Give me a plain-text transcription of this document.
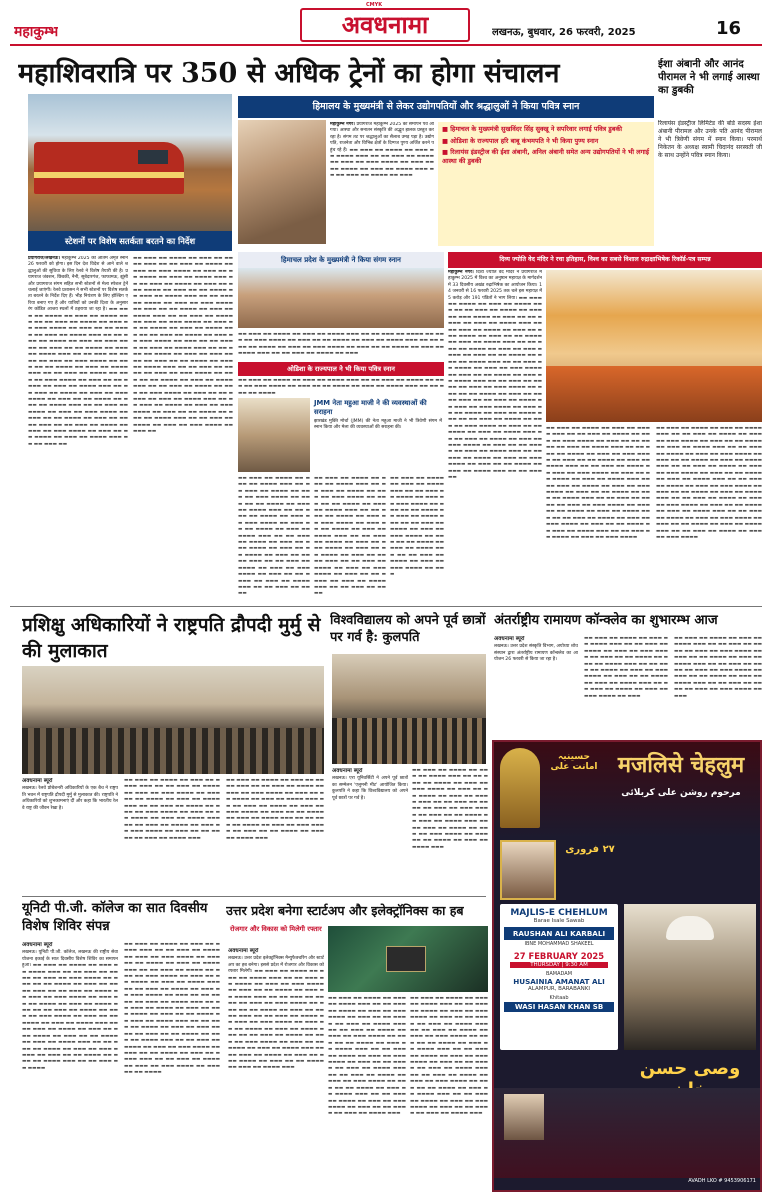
CMYK
महाकुम्भ	अवधनामा	लखनऊ, बुधवार, 26 फरवरी, 2025	16
महाशिवरात्रि पर 350 से अधिक ट्रेनों का होगा संचालन
स्टेशनों पर विशेष सतर्कता बरतने का निर्देश
प्रयागराज/लखनऊ। महाकुम्भ 2025 का अंतिम अमृत स्नान 26 फरवरी को होगा। इस दिन देश विदेश से आने वाले श्रद्धालुओं की सुविधा के लिए रेलवे ने विशेष तैयारी की है। प्रयागराज जंक्शन, छिवकी, नैनी, सूबेदारगंज, फाफामऊ, झूंसी और प्रयागराज संगम सहित सभी स्टेशनों से मेला स्पेशल ट्रेनें चलाई जाएंगी। रेलवे प्रशासन ने सभी स्टेशनों पर विशेष सतर्कता बरतने के निर्देश दिए हैं। भीड़ नियंत्रण के लिए होल्डिंग एरिया बनाए गए हैं और यात्रियों को उनकी दिशा के अनुसार रंग कोडित आश्रय स्थलों में ठहराया जा रहा है। ▬▬ ▬▬▬ ▬▬ ▬▬▬▬ ▬▬ ▬▬▬ ▬▬ ▬▬▬▬ ▬▬▬ ▬▬ ▬▬ ▬▬▬ ▬▬ ▬▬▬▬ ▬▬ ▬▬▬ ▬▬ ▬▬▬ ▬▬▬▬ ▬▬ ▬▬▬ ▬▬ ▬▬ ▬▬▬▬ ▬▬ ▬▬▬ ▬▬ ▬▬▬▬ ▬▬▬ ▬▬ ▬▬ ▬▬▬ ▬▬ ▬▬▬▬ ▬▬ ▬▬▬ ▬▬ ▬▬▬ ▬▬▬▬ ▬▬ ▬▬▬ ▬▬ ▬▬ ▬▬▬▬ ▬▬ ▬▬▬ ▬▬ ▬▬▬▬ ▬▬▬ ▬▬ ▬▬ ▬▬▬ ▬▬ ▬▬▬▬ ▬▬ ▬▬▬ ▬▬ ▬▬▬ ▬▬▬▬ ▬▬ ▬▬▬ ▬▬ ▬▬ ▬▬▬▬ ▬▬ ▬▬▬ ▬▬ ▬▬▬▬ ▬▬▬ ▬▬ ▬▬ ▬▬▬ ▬▬ ▬▬▬▬ ▬▬ ▬▬▬ ▬▬ ▬▬▬ ▬▬▬▬ ▬▬ ▬▬▬ ▬▬ ▬▬ ▬▬▬▬ ▬▬ ▬▬▬ ▬▬ ▬▬▬▬ ▬▬▬ ▬▬ ▬▬ ▬▬▬ ▬▬ ▬▬▬▬ ▬▬ ▬▬▬ ▬▬ ▬▬▬ ▬▬▬▬ ▬▬ ▬▬▬ ▬▬ ▬▬ ▬▬▬▬ ▬▬ ▬▬▬ ▬▬ ▬▬▬▬ ▬▬▬ ▬▬ ▬▬ ▬▬▬ ▬▬ ▬▬▬▬ ▬▬ ▬▬▬ ▬▬ ▬▬▬ ▬▬▬▬ ▬▬ ▬▬▬ ▬▬ ▬▬ ▬▬▬▬ ▬▬ ▬▬▬ ▬▬ ▬▬▬▬ ▬▬▬ ▬▬ ▬▬ ▬▬▬ ▬▬ ▬▬▬▬ ▬▬ ▬▬▬ ▬▬ ▬▬▬ ▬▬▬▬ ▬▬ ▬▬▬ ▬▬ ▬▬ ▬▬▬▬ ▬▬ ▬▬▬ ▬▬ ▬▬▬▬ ▬▬▬ ▬▬ ▬▬ ▬▬▬ ▬▬
▬▬ ▬▬▬ ▬▬ ▬▬▬▬ ▬▬ ▬▬▬ ▬▬ ▬▬▬▬ ▬▬▬ ▬▬ ▬▬ ▬▬▬ ▬▬ ▬▬▬▬ ▬▬ ▬▬▬ ▬▬ ▬▬▬ ▬▬▬▬ ▬▬ ▬▬▬ ▬▬ ▬▬ ▬▬▬▬ ▬▬ ▬▬▬ ▬▬ ▬▬▬▬ ▬▬▬ ▬▬ ▬▬ ▬▬▬ ▬▬ ▬▬▬▬ ▬▬ ▬▬▬ ▬▬ ▬▬▬ ▬▬▬▬ ▬▬ ▬▬▬ ▬▬ ▬▬ ▬▬▬▬ ▬▬ ▬▬▬ ▬▬ ▬▬▬▬ ▬▬▬ ▬▬ ▬▬ ▬▬▬ ▬▬ ▬▬▬▬ ▬▬ ▬▬▬ ▬▬ ▬▬▬ ▬▬▬▬ ▬▬ ▬▬▬ ▬▬ ▬▬ ▬▬▬▬ ▬▬ ▬▬▬ ▬▬ ▬▬▬▬ ▬▬▬ ▬▬ ▬▬ ▬▬▬ ▬▬ ▬▬▬▬ ▬▬ ▬▬▬ ▬▬ ▬▬▬ ▬▬▬▬ ▬▬ ▬▬▬ ▬▬ ▬▬ ▬▬▬▬ ▬▬ ▬▬▬ ▬▬ ▬▬▬▬ ▬▬▬ ▬▬ ▬▬ ▬▬▬ ▬▬ ▬▬▬▬ ▬▬ ▬▬▬ ▬▬ ▬▬▬ ▬▬▬▬ ▬▬ ▬▬▬ ▬▬ ▬▬ ▬▬▬▬ ▬▬ ▬▬▬ ▬▬ ▬▬▬▬ ▬▬▬ ▬▬ ▬▬ ▬▬▬ ▬▬ ▬▬▬▬ ▬▬ ▬▬▬ ▬▬ ▬▬▬ ▬▬▬▬ ▬▬ ▬▬▬ ▬▬ ▬▬ ▬▬▬▬ ▬▬ ▬▬▬ ▬▬ ▬▬▬▬ ▬▬▬ ▬▬ ▬▬ ▬▬▬ ▬▬ ▬▬▬▬ ▬▬ ▬▬▬ ▬▬ ▬▬▬ ▬▬▬▬ ▬▬ ▬▬▬ ▬▬ ▬▬ ▬▬▬▬ ▬▬ ▬▬▬ ▬▬ ▬▬▬▬ ▬▬▬ ▬▬ ▬▬ ▬▬▬ ▬▬ ▬▬▬▬ ▬▬ ▬▬▬ ▬▬ ▬▬▬ ▬▬▬▬ ▬▬ ▬▬▬ ▬▬ ▬▬ ▬▬▬▬ ▬▬ ▬▬▬ ▬▬ ▬▬▬▬ ▬▬▬ ▬▬ ▬▬ ▬▬▬ ▬▬ ▬▬▬▬ ▬▬ ▬▬▬ ▬▬ ▬▬▬ ▬▬▬▬ ▬▬ ▬▬▬ ▬▬ ▬▬ ▬▬▬▬ ▬▬ ▬▬▬ ▬▬ ▬▬▬▬ ▬▬▬ ▬▬ ▬▬ ▬▬▬ ▬▬ ▬▬▬▬ ▬▬ ▬▬▬ ▬▬ ▬▬▬ ▬▬▬▬ ▬▬ ▬▬▬ ▬▬
हिमालय के मुख्यमंत्री से लेकर उद्योगपतियों और श्रद्धालुओं ने किया पवित्र स्नान
महाकुम्भ नगर। प्रयागराज महाकुम्भ 2025 का समापन पर्व आ गया। आस्था और सनातन संस्कृति की अद्भुत झलक प्रस्तुत कर रहा है। संगम तट पर श्रद्धालुओं का सैलाब उमड़ पड़ा है। उद्योगपति, राजनेता और विभिन्न क्षेत्रों के दिग्गज पुण्य अर्जित करने पहुंच रहे हैं। ▬▬ ▬▬▬ ▬▬ ▬▬▬▬ ▬▬ ▬▬▬ ▬▬ ▬▬▬▬ ▬▬▬ ▬▬ ▬▬ ▬▬▬ ▬▬ ▬▬▬▬ ▬▬ ▬▬▬ ▬▬ ▬▬▬ ▬▬▬▬ ▬▬ ▬▬▬ ▬▬ ▬▬ ▬▬▬▬ ▬▬ ▬▬▬ ▬▬ ▬▬▬▬ ▬▬▬ ▬▬ ▬▬ ▬▬▬ ▬▬ ▬▬▬▬ ▬▬ ▬▬▬
■ हिमाचल के मुख्यमंत्री सुखविंदर सिंह सुक्खू ने सपरिवार लगाई पवित्र डुबकी
■ ओडिशा के राज्यपाल हरि बाबू कंभमपति ने भी किया पुण्य स्नान
■ रिलायंस इंडस्ट्रीज की ईशा अंबानी, अनिल अंबानी समेत अन्य उद्योगपतियों ने भी लगाई आस्था की डुबकी
हिमाचल प्रदेश के मुख्यमंत्री ने किया संगम स्नान
▬▬ ▬▬▬ ▬▬ ▬▬▬▬ ▬▬ ▬▬▬ ▬▬ ▬▬▬▬ ▬▬▬ ▬▬ ▬▬ ▬▬▬ ▬▬ ▬▬▬▬ ▬▬ ▬▬▬ ▬▬ ▬▬▬ ▬▬▬▬ ▬▬ ▬▬▬ ▬▬ ▬▬ ▬▬▬▬ ▬▬ ▬▬▬ ▬▬ ▬▬▬▬ ▬▬▬ ▬▬ ▬▬ ▬▬▬ ▬▬ ▬▬▬▬ ▬▬ ▬▬▬ ▬▬ ▬▬▬ ▬▬▬▬ ▬▬ ▬▬▬ ▬▬ ▬▬ ▬▬▬▬ ▬▬ ▬▬▬ ▬▬ ▬▬▬▬ ▬▬▬ ▬▬ ▬▬ ▬▬▬ ▬▬ ▬▬▬▬ ▬▬ ▬▬▬
ओडिशा के राज्यपाल ने भी किया पवित्र स्नान
▬▬ ▬▬▬ ▬▬ ▬▬▬▬ ▬▬ ▬▬▬ ▬▬ ▬▬▬▬ ▬▬▬ ▬▬ ▬▬ ▬▬▬ ▬▬ ▬▬▬▬ ▬▬ ▬▬▬ ▬▬ ▬▬▬ ▬▬▬▬ ▬▬ ▬▬▬ ▬▬ ▬▬ ▬▬▬▬ ▬▬ ▬▬▬ ▬▬ ▬▬▬▬ ▬▬▬ ▬▬ ▬▬ ▬▬▬ ▬▬ ▬▬▬▬
JMM नेता महुआ माजी ने की व्यवस्थाओं की सराहना
झारखंड मुक्ति मोर्चा (JMM) की नेता महुआ माजी ने भी त्रिवेणी संगम में स्नान किया और मेला की व्यवस्थाओं की सराहना की।
▬▬ ▬▬▬ ▬▬ ▬▬▬▬ ▬▬ ▬▬▬ ▬▬ ▬▬▬▬ ▬▬▬ ▬▬ ▬▬ ▬▬▬ ▬▬ ▬▬▬▬ ▬▬ ▬▬▬ ▬▬ ▬▬▬ ▬▬▬▬ ▬▬ ▬▬▬ ▬▬ ▬▬ ▬▬▬▬ ▬▬ ▬▬▬ ▬▬ ▬▬▬▬ ▬▬▬ ▬▬ ▬▬ ▬▬▬ ▬▬ ▬▬▬▬ ▬▬ ▬▬▬ ▬▬ ▬▬▬ ▬▬▬▬ ▬▬ ▬▬▬ ▬▬ ▬▬ ▬▬▬▬ ▬▬ ▬▬▬ ▬▬ ▬▬▬▬ ▬▬▬ ▬▬ ▬▬ ▬▬▬ ▬▬ ▬▬▬▬ ▬▬ ▬▬▬ ▬▬ ▬▬▬ ▬▬▬▬ ▬▬ ▬▬▬ ▬▬ ▬▬ ▬▬▬▬ ▬▬ ▬▬▬ ▬▬ ▬▬▬▬ ▬▬▬ ▬▬ ▬▬ ▬▬▬ ▬▬ ▬▬▬▬ ▬▬ ▬▬▬ ▬▬ ▬▬▬ ▬▬▬▬ ▬▬ ▬▬▬ ▬▬ ▬▬ ▬▬▬▬ ▬▬ ▬▬▬ ▬▬ ▬▬▬▬ ▬▬▬ ▬▬ ▬▬ ▬▬▬ ▬▬ ▬▬▬▬
▬▬ ▬▬▬ ▬▬ ▬▬▬▬ ▬▬ ▬▬▬ ▬▬ ▬▬▬▬ ▬▬▬ ▬▬ ▬▬ ▬▬▬ ▬▬ ▬▬▬▬ ▬▬ ▬▬▬ ▬▬ ▬▬▬ ▬▬▬▬ ▬▬ ▬▬▬ ▬▬ ▬▬ ▬▬▬▬ ▬▬ ▬▬▬ ▬▬ ▬▬▬▬ ▬▬▬ ▬▬ ▬▬ ▬▬▬ ▬▬ ▬▬▬▬ ▬▬ ▬▬▬ ▬▬ ▬▬▬ ▬▬▬▬ ▬▬ ▬▬▬ ▬▬ ▬▬ ▬▬▬▬ ▬▬ ▬▬▬ ▬▬ ▬▬▬▬ ▬▬▬ ▬▬ ▬▬ ▬▬▬ ▬▬ ▬▬▬▬ ▬▬ ▬▬▬ ▬▬ ▬▬▬ ▬▬▬▬ ▬▬ ▬▬▬ ▬▬ ▬▬ ▬▬▬▬ ▬▬ ▬▬▬ ▬▬ ▬▬▬▬ ▬▬▬ ▬▬ ▬▬ ▬▬▬ ▬▬ ▬▬▬▬ ▬▬ ▬▬▬ ▬▬ ▬▬▬ ▬▬▬▬ ▬▬ ▬▬▬ ▬▬ ▬▬ ▬▬▬▬ ▬▬ ▬▬▬ ▬▬ ▬▬▬▬ ▬▬▬ ▬▬ ▬▬ ▬▬▬ ▬▬ ▬▬▬▬
▬▬ ▬▬▬ ▬▬ ▬▬▬▬ ▬▬ ▬▬▬ ▬▬ ▬▬▬▬ ▬▬▬ ▬▬ ▬▬ ▬▬▬ ▬▬ ▬▬▬▬ ▬▬ ▬▬▬ ▬▬ ▬▬▬ ▬▬▬▬ ▬▬ ▬▬▬ ▬▬ ▬▬ ▬▬▬▬ ▬▬ ▬▬▬ ▬▬ ▬▬▬▬ ▬▬▬ ▬▬ ▬▬ ▬▬▬ ▬▬ ▬▬▬▬ ▬▬ ▬▬▬ ▬▬ ▬▬▬ ▬▬▬▬ ▬▬ ▬▬▬ ▬▬ ▬▬ ▬▬▬▬ ▬▬ ▬▬▬ ▬▬ ▬▬▬▬ ▬▬▬ ▬▬ ▬▬ ▬▬▬ ▬▬ ▬▬▬▬ ▬▬ ▬▬▬ ▬▬ ▬▬▬ ▬▬▬▬ ▬▬ ▬▬▬
ईशा अंबानी और आनंद पीरामल ने भी लगाई आस्था का डुबकी
रिलायंस इंडस्ट्रीज लिमिटेड की बोर्ड सदस्य ईशा अंबानी पीरामल और उनके पति आनंद पीरामल ने भी त्रिवेणी संगम में स्नान किया। परमार्थ निकेतन के अध्यक्ष स्वामी चिदानंद सरस्वती जी के साथ उन्होंने पवित्र स्नान किया।
दिव्य ज्योति वेद मंदिर ने रचा इतिहास, विश्व का सबसे विशाल रुद्राक्षाभिषेक रिकॉर्ड-पत्र सम्पन्न
महाकुम्भ नगर। दिव्य ज्योति वेद मंदिर ने प्रयागराज महाकुम्भ 2025 में विश्व का अनुष्ठान महायज्ञ के मार्गदर्शन में 33 दिवसीय अखंड रुद्राभिषेक का आयोजन किया। 14 जनवरी से 16 फरवरी 2025 तक चले इस महायज्ञ में 5 करोड़ और 191 पंडितों ने भाग लिया। ▬▬ ▬▬▬ ▬▬ ▬▬▬▬ ▬▬ ▬▬▬ ▬▬ ▬▬▬▬ ▬▬▬ ▬▬ ▬▬ ▬▬▬ ▬▬ ▬▬▬▬ ▬▬ ▬▬▬ ▬▬ ▬▬▬ ▬▬▬▬ ▬▬ ▬▬▬ ▬▬ ▬▬ ▬▬▬▬ ▬▬ ▬▬▬ ▬▬ ▬▬▬▬ ▬▬▬ ▬▬ ▬▬ ▬▬▬ ▬▬ ▬▬▬▬ ▬▬ ▬▬▬ ▬▬ ▬▬▬ ▬▬▬▬ ▬▬ ▬▬▬ ▬▬ ▬▬ ▬▬▬▬ ▬▬ ▬▬▬ ▬▬ ▬▬▬▬ ▬▬▬ ▬▬ ▬▬ ▬▬▬ ▬▬ ▬▬▬▬ ▬▬ ▬▬▬ ▬▬ ▬▬▬ ▬▬▬▬ ▬▬ ▬▬▬ ▬▬ ▬▬ ▬▬▬▬ ▬▬ ▬▬▬ ▬▬ ▬▬▬▬ ▬▬▬ ▬▬ ▬▬ ▬▬▬ ▬▬ ▬▬▬▬ ▬▬ ▬▬▬ ▬▬ ▬▬▬ ▬▬▬▬ ▬▬ ▬▬▬ ▬▬ ▬▬ ▬▬▬▬ ▬▬ ▬▬▬ ▬▬ ▬▬▬▬ ▬▬▬ ▬▬ ▬▬ ▬▬▬ ▬▬ ▬▬▬▬ ▬▬ ▬▬▬ ▬▬ ▬▬▬ ▬▬▬▬ ▬▬ ▬▬▬ ▬▬ ▬▬ ▬▬▬▬ ▬▬ ▬▬▬ ▬▬ ▬▬▬▬ ▬▬▬ ▬▬ ▬▬ ▬▬▬ ▬▬ ▬▬▬▬ ▬▬ ▬▬▬ ▬▬ ▬▬▬ ▬▬▬▬ ▬▬ ▬▬▬ ▬▬ ▬▬ ▬▬▬▬ ▬▬ ▬▬▬ ▬▬ ▬▬▬▬ ▬▬▬ ▬▬ ▬▬ ▬▬▬ ▬▬ ▬▬▬▬ ▬▬ ▬▬▬ ▬▬ ▬▬▬ ▬▬▬▬ ▬▬ ▬▬▬ ▬▬ ▬▬ ▬▬▬▬ ▬▬ ▬▬▬ ▬▬ ▬▬▬▬ ▬▬▬ ▬▬ ▬▬ ▬▬▬ ▬▬ ▬▬▬▬ ▬▬ ▬▬▬ ▬▬ ▬▬▬ ▬▬▬▬ ▬▬ ▬▬▬ ▬▬ ▬▬ ▬▬▬▬ ▬▬ ▬▬▬ ▬▬ ▬▬▬▬ ▬▬▬ ▬▬ ▬▬ ▬▬▬ ▬▬ ▬▬▬▬ ▬▬ ▬▬▬ ▬▬ ▬▬▬ ▬▬▬▬ ▬▬ ▬▬▬ ▬▬ ▬▬ ▬▬▬▬ ▬▬ ▬▬▬ ▬▬ ▬▬▬▬ ▬▬▬ ▬▬ ▬▬ ▬▬▬ ▬▬
▬▬ ▬▬▬ ▬▬ ▬▬▬▬ ▬▬ ▬▬▬ ▬▬ ▬▬▬▬ ▬▬▬ ▬▬ ▬▬ ▬▬▬ ▬▬ ▬▬▬▬ ▬▬ ▬▬▬ ▬▬ ▬▬▬ ▬▬▬▬ ▬▬ ▬▬▬ ▬▬ ▬▬ ▬▬▬▬ ▬▬ ▬▬▬ ▬▬ ▬▬▬▬ ▬▬▬ ▬▬ ▬▬ ▬▬▬ ▬▬ ▬▬▬▬ ▬▬ ▬▬▬ ▬▬ ▬▬▬ ▬▬▬▬ ▬▬ ▬▬▬ ▬▬ ▬▬ ▬▬▬▬ ▬▬ ▬▬▬ ▬▬ ▬▬▬▬ ▬▬▬ ▬▬ ▬▬ ▬▬▬ ▬▬ ▬▬▬▬ ▬▬ ▬▬▬ ▬▬ ▬▬▬ ▬▬▬▬ ▬▬ ▬▬▬ ▬▬ ▬▬ ▬▬▬▬ ▬▬ ▬▬▬ ▬▬ ▬▬▬▬ ▬▬▬ ▬▬ ▬▬ ▬▬▬ ▬▬ ▬▬▬▬ ▬▬ ▬▬▬ ▬▬ ▬▬▬ ▬▬▬▬ ▬▬ ▬▬▬ ▬▬ ▬▬ ▬▬▬▬ ▬▬ ▬▬▬ ▬▬ ▬▬▬▬ ▬▬▬ ▬▬ ▬▬ ▬▬▬ ▬▬ ▬▬▬▬ ▬▬ ▬▬▬ ▬▬ ▬▬▬ ▬▬▬▬ ▬▬ ▬▬▬ ▬▬ ▬▬ ▬▬▬▬ ▬▬ ▬▬▬ ▬▬ ▬▬▬▬ ▬▬▬ ▬▬ ▬▬ ▬▬▬ ▬▬ ▬▬▬▬ ▬▬ ▬▬▬ ▬▬ ▬▬▬ ▬▬▬▬ ▬▬ ▬▬▬ ▬▬ ▬▬ ▬▬▬▬ ▬▬ ▬▬▬ ▬▬ ▬▬▬▬ ▬▬▬ ▬▬ ▬▬ ▬▬▬ ▬▬ ▬▬▬▬ ▬▬ ▬▬▬ ▬▬ ▬▬▬ ▬▬▬▬
▬▬ ▬▬▬ ▬▬ ▬▬▬▬ ▬▬ ▬▬▬ ▬▬ ▬▬▬▬ ▬▬▬ ▬▬ ▬▬ ▬▬▬ ▬▬ ▬▬▬▬ ▬▬ ▬▬▬ ▬▬ ▬▬▬ ▬▬▬▬ ▬▬ ▬▬▬ ▬▬ ▬▬ ▬▬▬▬ ▬▬ ▬▬▬ ▬▬ ▬▬▬▬ ▬▬▬ ▬▬ ▬▬ ▬▬▬ ▬▬ ▬▬▬▬ ▬▬ ▬▬▬ ▬▬ ▬▬▬ ▬▬▬▬ ▬▬ ▬▬▬ ▬▬ ▬▬ ▬▬▬▬ ▬▬ ▬▬▬ ▬▬ ▬▬▬▬ ▬▬▬ ▬▬ ▬▬ ▬▬▬ ▬▬ ▬▬▬▬ ▬▬ ▬▬▬ ▬▬ ▬▬▬ ▬▬▬▬ ▬▬ ▬▬▬ ▬▬ ▬▬ ▬▬▬▬ ▬▬ ▬▬▬ ▬▬ ▬▬▬▬ ▬▬▬ ▬▬ ▬▬ ▬▬▬ ▬▬ ▬▬▬▬ ▬▬ ▬▬▬ ▬▬ ▬▬▬ ▬▬▬▬ ▬▬ ▬▬▬ ▬▬ ▬▬ ▬▬▬▬ ▬▬ ▬▬▬ ▬▬ ▬▬▬▬ ▬▬▬ ▬▬ ▬▬ ▬▬▬ ▬▬ ▬▬▬▬ ▬▬ ▬▬▬ ▬▬ ▬▬▬ ▬▬▬▬ ▬▬ ▬▬▬ ▬▬ ▬▬ ▬▬▬▬ ▬▬ ▬▬▬ ▬▬ ▬▬▬▬ ▬▬▬ ▬▬ ▬▬ ▬▬▬ ▬▬ ▬▬▬▬ ▬▬ ▬▬▬ ▬▬ ▬▬▬ ▬▬▬▬ ▬▬ ▬▬▬ ▬▬ ▬▬ ▬▬▬▬ ▬▬ ▬▬▬ ▬▬ ▬▬▬▬ ▬▬▬ ▬▬ ▬▬ ▬▬▬ ▬▬ ▬▬▬▬ ▬▬ ▬▬▬ ▬▬ ▬▬▬ ▬▬▬▬
प्रशिक्षु अधिकारियों ने राष्ट्रपति द्रौपदी मुर्मु से की मुलाकात
अवधनामा ब्यूरो
लखनऊ। रेलवे प्रोबेशनरी अधिकारियों के एक बैच ने राष्ट्रपति भवन में राष्ट्रपति द्रौपदी मुर्मु से मुलाकात की। राष्ट्रपति ने अधिकारियों को शुभकामनाएं दीं और कहा कि भारतीय रेलवे राष्ट्र की जीवन रेखा है।
▬▬ ▬▬▬ ▬▬ ▬▬▬▬ ▬▬ ▬▬▬ ▬▬ ▬▬▬▬ ▬▬▬ ▬▬ ▬▬ ▬▬▬ ▬▬ ▬▬▬▬ ▬▬ ▬▬▬ ▬▬ ▬▬▬ ▬▬▬▬ ▬▬ ▬▬▬ ▬▬ ▬▬ ▬▬▬▬ ▬▬ ▬▬▬ ▬▬ ▬▬▬▬ ▬▬▬ ▬▬ ▬▬ ▬▬▬ ▬▬ ▬▬▬▬ ▬▬ ▬▬▬ ▬▬ ▬▬▬ ▬▬▬▬ ▬▬ ▬▬▬ ▬▬ ▬▬ ▬▬▬▬ ▬▬ ▬▬▬ ▬▬ ▬▬▬▬ ▬▬▬ ▬▬ ▬▬ ▬▬▬ ▬▬ ▬▬▬▬ ▬▬ ▬▬▬ ▬▬ ▬▬▬ ▬▬▬▬ ▬▬ ▬▬▬ ▬▬ ▬▬ ▬▬▬▬ ▬▬ ▬▬▬ ▬▬ ▬▬▬▬ ▬▬▬
▬▬ ▬▬▬ ▬▬ ▬▬▬▬ ▬▬ ▬▬▬ ▬▬ ▬▬▬▬ ▬▬▬ ▬▬ ▬▬ ▬▬▬ ▬▬ ▬▬▬▬ ▬▬ ▬▬▬ ▬▬ ▬▬▬ ▬▬▬▬ ▬▬ ▬▬▬ ▬▬ ▬▬ ▬▬▬▬ ▬▬ ▬▬▬ ▬▬ ▬▬▬▬ ▬▬▬ ▬▬ ▬▬ ▬▬▬ ▬▬ ▬▬▬▬ ▬▬ ▬▬▬ ▬▬ ▬▬▬ ▬▬▬▬ ▬▬ ▬▬▬ ▬▬ ▬▬ ▬▬▬▬ ▬▬ ▬▬▬ ▬▬ ▬▬▬▬ ▬▬▬ ▬▬ ▬▬ ▬▬▬ ▬▬ ▬▬▬▬ ▬▬ ▬▬▬ ▬▬ ▬▬▬ ▬▬▬▬ ▬▬ ▬▬▬ ▬▬ ▬▬ ▬▬▬▬ ▬▬ ▬▬▬ ▬▬ ▬▬▬▬ ▬▬▬
विश्वविद्यालय को अपने पूर्व छात्रों पर गर्व है: कुलपति
अवधनामा ब्यूरो
लखनऊ। एरा यूनिवर्सिटी ने अपने पूर्व छात्रों का सम्मेलन 'एलुमनी मीट' आयोजित किया। कुलपति ने कहा कि विश्वविद्यालय को अपने पूर्व छात्रों पर गर्व है।
▬▬ ▬▬▬ ▬▬ ▬▬▬▬ ▬▬ ▬▬▬ ▬▬ ▬▬▬▬ ▬▬▬ ▬▬ ▬▬ ▬▬▬ ▬▬ ▬▬▬▬ ▬▬ ▬▬▬ ▬▬ ▬▬▬ ▬▬▬▬ ▬▬ ▬▬▬ ▬▬ ▬▬ ▬▬▬▬ ▬▬ ▬▬▬ ▬▬ ▬▬▬▬ ▬▬▬ ▬▬ ▬▬ ▬▬▬ ▬▬ ▬▬▬▬ ▬▬ ▬▬▬ ▬▬ ▬▬▬ ▬▬▬▬ ▬▬ ▬▬▬ ▬▬ ▬▬ ▬▬▬▬ ▬▬ ▬▬▬ ▬▬ ▬▬▬▬ ▬▬▬ ▬▬ ▬▬ ▬▬▬ ▬▬ ▬▬▬▬ ▬▬ ▬▬▬ ▬▬ ▬▬▬ ▬▬▬▬ ▬▬ ▬▬▬ ▬▬ ▬▬ ▬▬▬▬ ▬▬ ▬▬▬ ▬▬ ▬▬▬▬ ▬▬▬
अंतर्राष्ट्रीय रामायण कॉन्क्लेव का शुभारम्भ आज
अवधनामा ब्यूरो
लखनऊ। उत्तर प्रदेश संस्कृति विभाग, अयोध्या शोध संस्थान द्वारा अंतर्राष्ट्रीय रामायण कॉन्क्लेव का आयोजन 26 फरवरी से किया जा रहा है।
▬▬ ▬▬▬ ▬▬ ▬▬▬▬ ▬▬ ▬▬▬ ▬▬ ▬▬▬▬ ▬▬▬ ▬▬ ▬▬ ▬▬▬ ▬▬ ▬▬▬▬ ▬▬ ▬▬▬ ▬▬ ▬▬▬ ▬▬▬▬ ▬▬ ▬▬▬ ▬▬ ▬▬ ▬▬▬▬ ▬▬ ▬▬▬ ▬▬ ▬▬▬▬ ▬▬▬ ▬▬ ▬▬ ▬▬▬ ▬▬ ▬▬▬▬ ▬▬ ▬▬▬ ▬▬ ▬▬▬ ▬▬▬▬ ▬▬ ▬▬▬ ▬▬ ▬▬ ▬▬▬▬ ▬▬ ▬▬▬ ▬▬ ▬▬▬▬ ▬▬▬ ▬▬ ▬▬ ▬▬▬ ▬▬ ▬▬▬▬ ▬▬ ▬▬▬ ▬▬ ▬▬▬ ▬▬▬▬ ▬▬ ▬▬▬
▬▬ ▬▬▬ ▬▬ ▬▬▬▬ ▬▬ ▬▬▬ ▬▬ ▬▬▬▬ ▬▬▬ ▬▬ ▬▬ ▬▬▬ ▬▬ ▬▬▬▬ ▬▬ ▬▬▬ ▬▬ ▬▬▬ ▬▬▬▬ ▬▬ ▬▬▬ ▬▬ ▬▬ ▬▬▬▬ ▬▬ ▬▬▬ ▬▬ ▬▬▬▬ ▬▬▬ ▬▬ ▬▬ ▬▬▬ ▬▬ ▬▬▬▬ ▬▬ ▬▬▬ ▬▬ ▬▬▬ ▬▬▬▬ ▬▬ ▬▬▬ ▬▬ ▬▬ ▬▬▬▬ ▬▬ ▬▬▬ ▬▬ ▬▬▬▬ ▬▬▬ ▬▬ ▬▬ ▬▬▬ ▬▬ ▬▬▬▬ ▬▬ ▬▬▬ ▬▬ ▬▬▬ ▬▬▬▬ ▬▬ ▬▬▬
حسینیہ امانت علی मजलिसे चेहलुम
مرحوم روشن علی کربلائی
۲۷ فروری
MAJLIS-E CHEHLUM
Barae Isale Sawab
RAUSHAN ALI KARBALI
IBNE MOHAMMAD SHAKEEL
27 FEBRUARY 2025
THURSDAY | 9:30 AM
BAMADAM
HUSAINIA AMANAT ALI
ALAMPUR, BARABANKI
Khitaab
WASI HASAN KHAN SB
وصی حسن
AVADH LKO # 9453906171
यूनिटी पी.जी. कॉलेज का सात दिवसीय विशेष शिविर संपन्न
अवधनामा ब्यूरो
लखनऊ। यूनिटी पी.जी. कॉलेज, लखनऊ की राष्ट्रीय सेवा योजना इकाई के सात दिवसीय विशेष शिविर का समापन हुआ। ▬▬ ▬▬▬ ▬▬ ▬▬▬▬ ▬▬ ▬▬▬ ▬▬ ▬▬▬▬ ▬▬▬ ▬▬ ▬▬ ▬▬▬ ▬▬ ▬▬▬▬ ▬▬ ▬▬▬ ▬▬ ▬▬▬ ▬▬▬▬ ▬▬ ▬▬▬ ▬▬ ▬▬ ▬▬▬▬ ▬▬ ▬▬▬ ▬▬ ▬▬▬▬ ▬▬▬ ▬▬ ▬▬ ▬▬▬ ▬▬ ▬▬▬▬ ▬▬ ▬▬▬ ▬▬ ▬▬▬ ▬▬▬▬ ▬▬ ▬▬▬ ▬▬ ▬▬ ▬▬▬▬ ▬▬ ▬▬▬ ▬▬ ▬▬▬▬ ▬▬▬ ▬▬ ▬▬ ▬▬▬ ▬▬ ▬▬▬▬ ▬▬ ▬▬▬ ▬▬ ▬▬▬ ▬▬▬▬ ▬▬ ▬▬▬ ▬▬ ▬▬ ▬▬▬▬ ▬▬ ▬▬▬ ▬▬ ▬▬▬▬ ▬▬▬ ▬▬ ▬▬ ▬▬▬ ▬▬ ▬▬▬▬ ▬▬ ▬▬▬ ▬▬ ▬▬▬ ▬▬▬▬ ▬▬ ▬▬▬ ▬▬ ▬▬ ▬▬▬▬ ▬▬ ▬▬▬ ▬▬ ▬▬▬▬ ▬▬▬ ▬▬ ▬▬ ▬▬▬ ▬▬ ▬▬▬▬ ▬▬ ▬▬▬ ▬▬ ▬▬▬ ▬▬▬▬ ▬▬ ▬▬▬ ▬▬ ▬▬ ▬▬▬▬ ▬▬ ▬▬▬ ▬▬ ▬▬▬▬ ▬▬▬ ▬▬ ▬▬ ▬▬▬ ▬▬ ▬▬▬▬
▬▬ ▬▬▬ ▬▬ ▬▬▬▬ ▬▬ ▬▬▬ ▬▬ ▬▬▬▬ ▬▬▬ ▬▬ ▬▬ ▬▬▬ ▬▬ ▬▬▬▬ ▬▬ ▬▬▬ ▬▬ ▬▬▬ ▬▬▬▬ ▬▬ ▬▬▬ ▬▬ ▬▬ ▬▬▬▬ ▬▬ ▬▬▬ ▬▬ ▬▬▬▬ ▬▬▬ ▬▬ ▬▬ ▬▬▬ ▬▬ ▬▬▬▬ ▬▬ ▬▬▬ ▬▬ ▬▬▬ ▬▬▬▬ ▬▬ ▬▬▬ ▬▬ ▬▬ ▬▬▬▬ ▬▬ ▬▬▬ ▬▬ ▬▬▬▬ ▬▬▬ ▬▬ ▬▬ ▬▬▬ ▬▬ ▬▬▬▬ ▬▬ ▬▬▬ ▬▬ ▬▬▬ ▬▬▬▬ ▬▬ ▬▬▬ ▬▬ ▬▬ ▬▬▬▬ ▬▬ ▬▬▬ ▬▬ ▬▬▬▬ ▬▬▬ ▬▬ ▬▬ ▬▬▬ ▬▬ ▬▬▬▬ ▬▬ ▬▬▬ ▬▬ ▬▬▬ ▬▬▬▬ ▬▬ ▬▬▬ ▬▬ ▬▬ ▬▬▬▬ ▬▬ ▬▬▬ ▬▬ ▬▬▬▬ ▬▬▬ ▬▬ ▬▬ ▬▬▬ ▬▬ ▬▬▬▬ ▬▬ ▬▬▬ ▬▬ ▬▬▬ ▬▬▬▬ ▬▬ ▬▬▬ ▬▬ ▬▬ ▬▬▬▬ ▬▬ ▬▬▬ ▬▬ ▬▬▬▬ ▬▬▬ ▬▬ ▬▬ ▬▬▬ ▬▬ ▬▬▬▬ ▬▬ ▬▬▬ ▬▬ ▬▬▬ ▬▬▬▬ ▬▬ ▬▬▬ ▬▬ ▬▬ ▬▬▬▬ ▬▬ ▬▬▬ ▬▬ ▬▬▬▬ ▬▬▬ ▬▬ ▬▬ ▬▬▬ ▬▬ ▬▬▬▬ ▬▬ ▬▬▬ ▬▬ ▬▬▬ ▬▬▬▬ ▬▬ ▬▬▬ ▬▬ ▬▬ ▬▬▬▬
उत्तर प्रदेश बनेगा स्टार्टअप और इलेक्ट्रॉनिक्स का हब
रोजगार और विकास को मिलेगी रफ्तार
अवधनामा ब्यूरो
लखनऊ। उत्तर प्रदेश इलेक्ट्रॉनिक्स मैन्युफैक्चरिंग और स्टार्टअप का हब बनेगा। इससे प्रदेश में रोजगार और विकास को रफ्तार मिलेगी। ▬▬ ▬▬▬ ▬▬ ▬▬▬▬ ▬▬ ▬▬▬ ▬▬ ▬▬▬▬ ▬▬▬ ▬▬ ▬▬ ▬▬▬ ▬▬ ▬▬▬▬ ▬▬ ▬▬▬ ▬▬ ▬▬▬ ▬▬▬▬ ▬▬ ▬▬▬ ▬▬ ▬▬ ▬▬▬▬ ▬▬ ▬▬▬ ▬▬ ▬▬▬▬ ▬▬▬ ▬▬ ▬▬ ▬▬▬ ▬▬ ▬▬▬▬ ▬▬ ▬▬▬ ▬▬ ▬▬▬ ▬▬▬▬ ▬▬ ▬▬▬ ▬▬ ▬▬ ▬▬▬▬ ▬▬ ▬▬▬ ▬▬ ▬▬▬▬ ▬▬▬ ▬▬ ▬▬ ▬▬▬ ▬▬ ▬▬▬▬ ▬▬ ▬▬▬ ▬▬ ▬▬▬ ▬▬▬▬ ▬▬ ▬▬▬ ▬▬ ▬▬ ▬▬▬▬ ▬▬ ▬▬▬ ▬▬ ▬▬▬▬ ▬▬▬ ▬▬ ▬▬ ▬▬▬ ▬▬ ▬▬▬▬ ▬▬ ▬▬▬ ▬▬ ▬▬▬ ▬▬▬▬ ▬▬ ▬▬▬ ▬▬ ▬▬ ▬▬▬▬ ▬▬ ▬▬▬ ▬▬ ▬▬▬▬ ▬▬▬ ▬▬ ▬▬ ▬▬▬ ▬▬ ▬▬▬▬ ▬▬ ▬▬▬ ▬▬ ▬▬▬ ▬▬▬▬ ▬▬ ▬▬▬ ▬▬ ▬▬ ▬▬▬▬ ▬▬ ▬▬▬ ▬▬ ▬▬▬▬ ▬▬▬
▬▬ ▬▬▬ ▬▬ ▬▬▬▬ ▬▬ ▬▬▬ ▬▬ ▬▬▬▬ ▬▬▬ ▬▬ ▬▬ ▬▬▬ ▬▬ ▬▬▬▬ ▬▬ ▬▬▬ ▬▬ ▬▬▬ ▬▬▬▬ ▬▬ ▬▬▬ ▬▬ ▬▬ ▬▬▬▬ ▬▬ ▬▬▬ ▬▬ ▬▬▬▬ ▬▬▬ ▬▬ ▬▬ ▬▬▬ ▬▬ ▬▬▬▬ ▬▬ ▬▬▬ ▬▬ ▬▬▬ ▬▬▬▬ ▬▬ ▬▬▬ ▬▬ ▬▬ ▬▬▬▬ ▬▬ ▬▬▬ ▬▬ ▬▬▬▬ ▬▬▬ ▬▬ ▬▬ ▬▬▬ ▬▬ ▬▬▬▬ ▬▬ ▬▬▬ ▬▬ ▬▬▬ ▬▬▬▬ ▬▬ ▬▬▬ ▬▬ ▬▬ ▬▬▬▬ ▬▬ ▬▬▬ ▬▬ ▬▬▬▬ ▬▬▬ ▬▬ ▬▬ ▬▬▬ ▬▬ ▬▬▬▬ ▬▬ ▬▬▬ ▬▬ ▬▬▬ ▬▬▬▬ ▬▬ ▬▬▬ ▬▬ ▬▬ ▬▬▬▬ ▬▬ ▬▬▬ ▬▬ ▬▬▬▬ ▬▬▬ ▬▬ ▬▬ ▬▬▬ ▬▬ ▬▬▬▬ ▬▬ ▬▬▬ ▬▬ ▬▬▬ ▬▬▬▬ ▬▬ ▬▬▬ ▬▬ ▬▬ ▬▬▬▬ ▬▬ ▬▬▬ ▬▬ ▬▬▬▬ ▬▬▬
▬▬ ▬▬▬ ▬▬ ▬▬▬▬ ▬▬ ▬▬▬ ▬▬ ▬▬▬▬ ▬▬▬ ▬▬ ▬▬ ▬▬▬ ▬▬ ▬▬▬▬ ▬▬ ▬▬▬ ▬▬ ▬▬▬ ▬▬▬▬ ▬▬ ▬▬▬ ▬▬ ▬▬ ▬▬▬▬ ▬▬ ▬▬▬ ▬▬ ▬▬▬▬ ▬▬▬ ▬▬ ▬▬ ▬▬▬ ▬▬ ▬▬▬▬ ▬▬ ▬▬▬ ▬▬ ▬▬▬ ▬▬▬▬ ▬▬ ▬▬▬ ▬▬ ▬▬ ▬▬▬▬ ▬▬ ▬▬▬ ▬▬ ▬▬▬▬ ▬▬▬ ▬▬ ▬▬ ▬▬▬ ▬▬ ▬▬▬▬ ▬▬ ▬▬▬ ▬▬ ▬▬▬ ▬▬▬▬ ▬▬ ▬▬▬ ▬▬ ▬▬ ▬▬▬▬ ▬▬ ▬▬▬ ▬▬ ▬▬▬▬ ▬▬▬ ▬▬ ▬▬ ▬▬▬ ▬▬ ▬▬▬▬ ▬▬ ▬▬▬ ▬▬ ▬▬▬ ▬▬▬▬ ▬▬ ▬▬▬ ▬▬ ▬▬ ▬▬▬▬ ▬▬ ▬▬▬ ▬▬ ▬▬▬▬ ▬▬▬ ▬▬ ▬▬ ▬▬▬ ▬▬ ▬▬▬▬ ▬▬ ▬▬▬ ▬▬ ▬▬▬ ▬▬▬▬ ▬▬ ▬▬▬ ▬▬ ▬▬ ▬▬▬▬ ▬▬ ▬▬▬ ▬▬ ▬▬▬▬ ▬▬▬
